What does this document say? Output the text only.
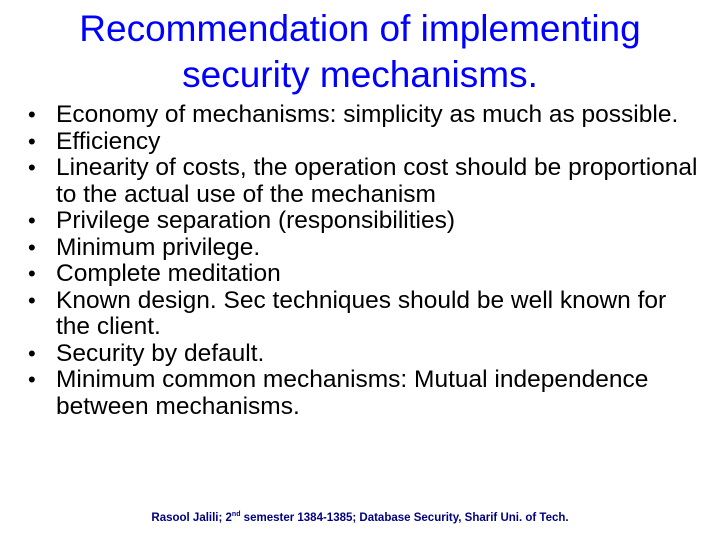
Recommendation of implementing
security mechanisms.
• Economy of mechanisms: simplicity as much as possible.
• Efficiency
• Linearity of costs, the operation cost should be proportional to the actual use of the mechanism
• Privilege separation (responsibilities)
• Minimum privilege.
• Complete meditation
• Known design. Sec techniques should be well known for the client.
• Security by default.
• Minimum common mechanisms: Mutual independence between mechanisms.
Rasool Jalili; 2nd semester 1384-1385; Database Security, Sharif Uni. of Tech.
